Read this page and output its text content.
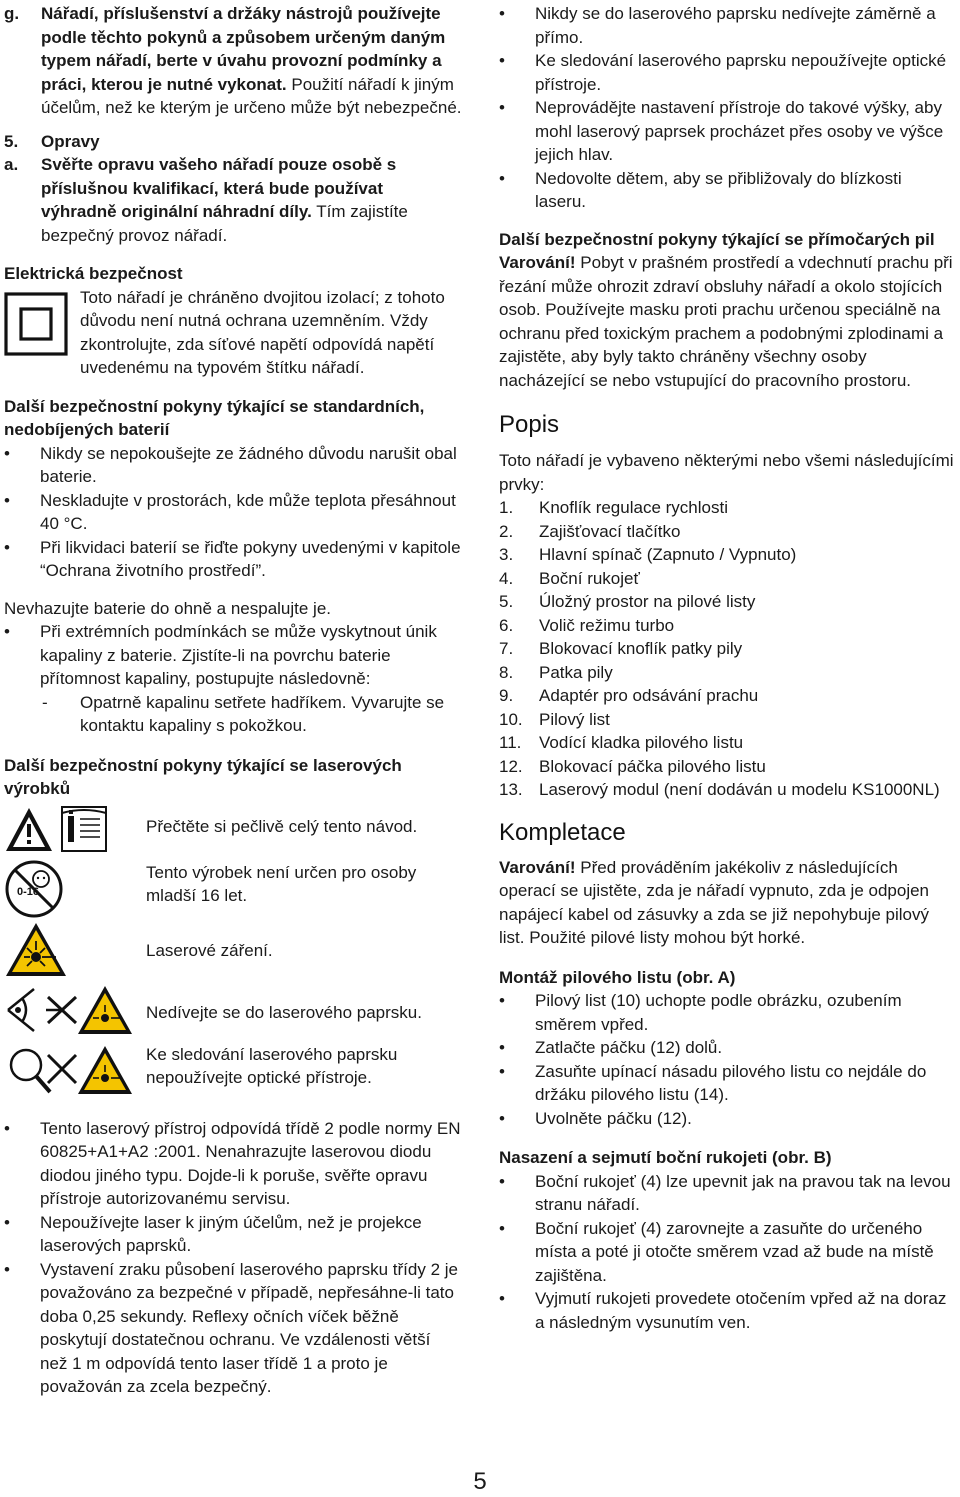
g. Nářadí, příslušenství a držáky nástrojů používejte podle těchto pokynů a způsobem určeným daným typem nářadí, berte v úvahu provozní podmínky a práci, kterou je nutné vykonat. Použití nářadí k jiným účelům, než ke kterým je určeno může být nebezpečné.
5. Opravy
a. Svěřte opravu vašeho nářadí pouze osobě s příslušnou kvalifikací, která bude používat výhradně originální náhradní díly. Tím zajistíte bezpečný provoz nářadí.
Elektrická bezpečnost
Toto nářadí je chráněno dvojitou izolací; z tohoto důvodu není nutná ochrana uzemněním. Vždy zkontrolujte, zda síťové napětí odpovídá napětí uvedenému na typovém štítku nářadí.
Další bezpečnostní pokyny týkající se standardních, nedobíjených baterií
• Nikdy se nepokoušejte ze žádného důvodu narušit obal baterie.
• Neskladujte v prostorách, kde může teplota přesáhnout 40 °C.
• Při likvidaci baterií se řiďte pokyny uvedenými v kapitole “Ochrana životního prostředí”.
Nevhazujte baterie do ohně a nespalujte je.
• Při extrémních podmínkách se může vyskytnout únik kapaliny z baterie. Zjistíte-li na povrchu baterie přítomnost kapaliny, postupujte následovně:
- Opatrně kapalinu setřete hadříkem. Vyvarujte se kontaktu kapaliny s pokožkou.
Další bezpečnostní pokyny týkající se laserových výrobků
Přečtěte si pečlivě celý tento návod.
0-16
Tento výrobek není určen pro osoby mladší 16 let.
Laserové záření.
Nedívejte se do laserového paprsku.
Ke sledování laserového paprsku nepoužívejte optické přístroje.
• Tento laserový přístroj odpovídá třídě 2 podle normy EN 60825+A1+A2 :2001. Nenahrazujte laserovou diodu diodou jiného typu. Dojde-li k poruše, svěřte opravu přístroje autorizovanému servisu.
• Nepoužívejte laser k jiným účelům, než je projekce laserových paprsků.
• Vystavení zraku působení laserového paprsku třídy 2 je považováno za bezpečné v případě, nepřesáhne-li tato doba 0,25 sekundy. Reflexy očních víček běžně poskytují dostatečnou ochranu. Ve vzdálenosti větší než 1 m odpovídá tento laser třídě 1 a proto je považován za zcela bezpečný.
• Nikdy se do laserového paprsku nedívejte záměrně a přímo.
• Ke sledování laserového paprsku nepoužívejte optické přístroje.
• Neprovádějte nastavení přístroje do takové výšky, aby mohl laserový paprsek procházet přes osoby ve výšce jejich hlav.
• Nedovolte dětem, aby se přibližovaly do blízkosti laseru.
Další bezpečnostní pokyny týkající se přímočarých pil
Varování! Pobyt v prašném prostředí a vdechnutí prachu při řezání může ohrozit zdraví obsluhy nářadí a okolo stojících osob. Používejte masku proti prachu určenou speciálně na ochranu před toxickým prachem a podobnými zplodinami a zajistěte, aby byly takto chráněny všechny osoby nacházející se nebo vstupující do pracovního prostoru.
Popis
Toto nářadí je vybaveno některými nebo všemi následujícími prvky:
1. Knoflík regulace rychlosti
2. Zajišťovací tlačítko
3. Hlavní spínač (Zapnuto / Vypnuto)
4. Boční rukojeť
5. Úložný prostor na pilové listy
6. Volič režimu turbo
7. Blokovací knoflík patky pily
8. Patka pily
9. Adaptér pro odsávání prachu
10. Pilový list
11. Vodící kladka pilového listu
12. Blokovací páčka pilového listu
13. Laserový modul (není dodáván u modelu KS1000NL)
Kompletace
Varování! Před prováděním jakékoliv z následujících operací se ujistěte, zda je nářadí vypnuto, zda je odpojen napájecí kabel od zásuvky a zda se již nepohybuje pilový list. Použité pilové listy mohou být horké.
Montáž pilového listu (obr. A)
• Pilový list (10) uchopte podle obrázku, ozubením směrem vpřed.
• Zatlačte páčku (12) dolů.
• Zasuňte upínací násadu pilového listu co nejdále do držáku pilového listu (14).
• Uvolněte páčku (12).
Nasazení a sejmutí boční rukojeti (obr. B)
• Boční rukojeť (4) lze upevnit jak na pravou tak na levou stranu nářadí.
• Boční rukojeť (4) zarovnejte a zasuňte do určeného místa a poté ji otočte směrem vzad až bude na místě zajištěna.
• Vyjmutí rukojeti provedete otočením vpřed až na doraz a následným vysunutím ven.
5
